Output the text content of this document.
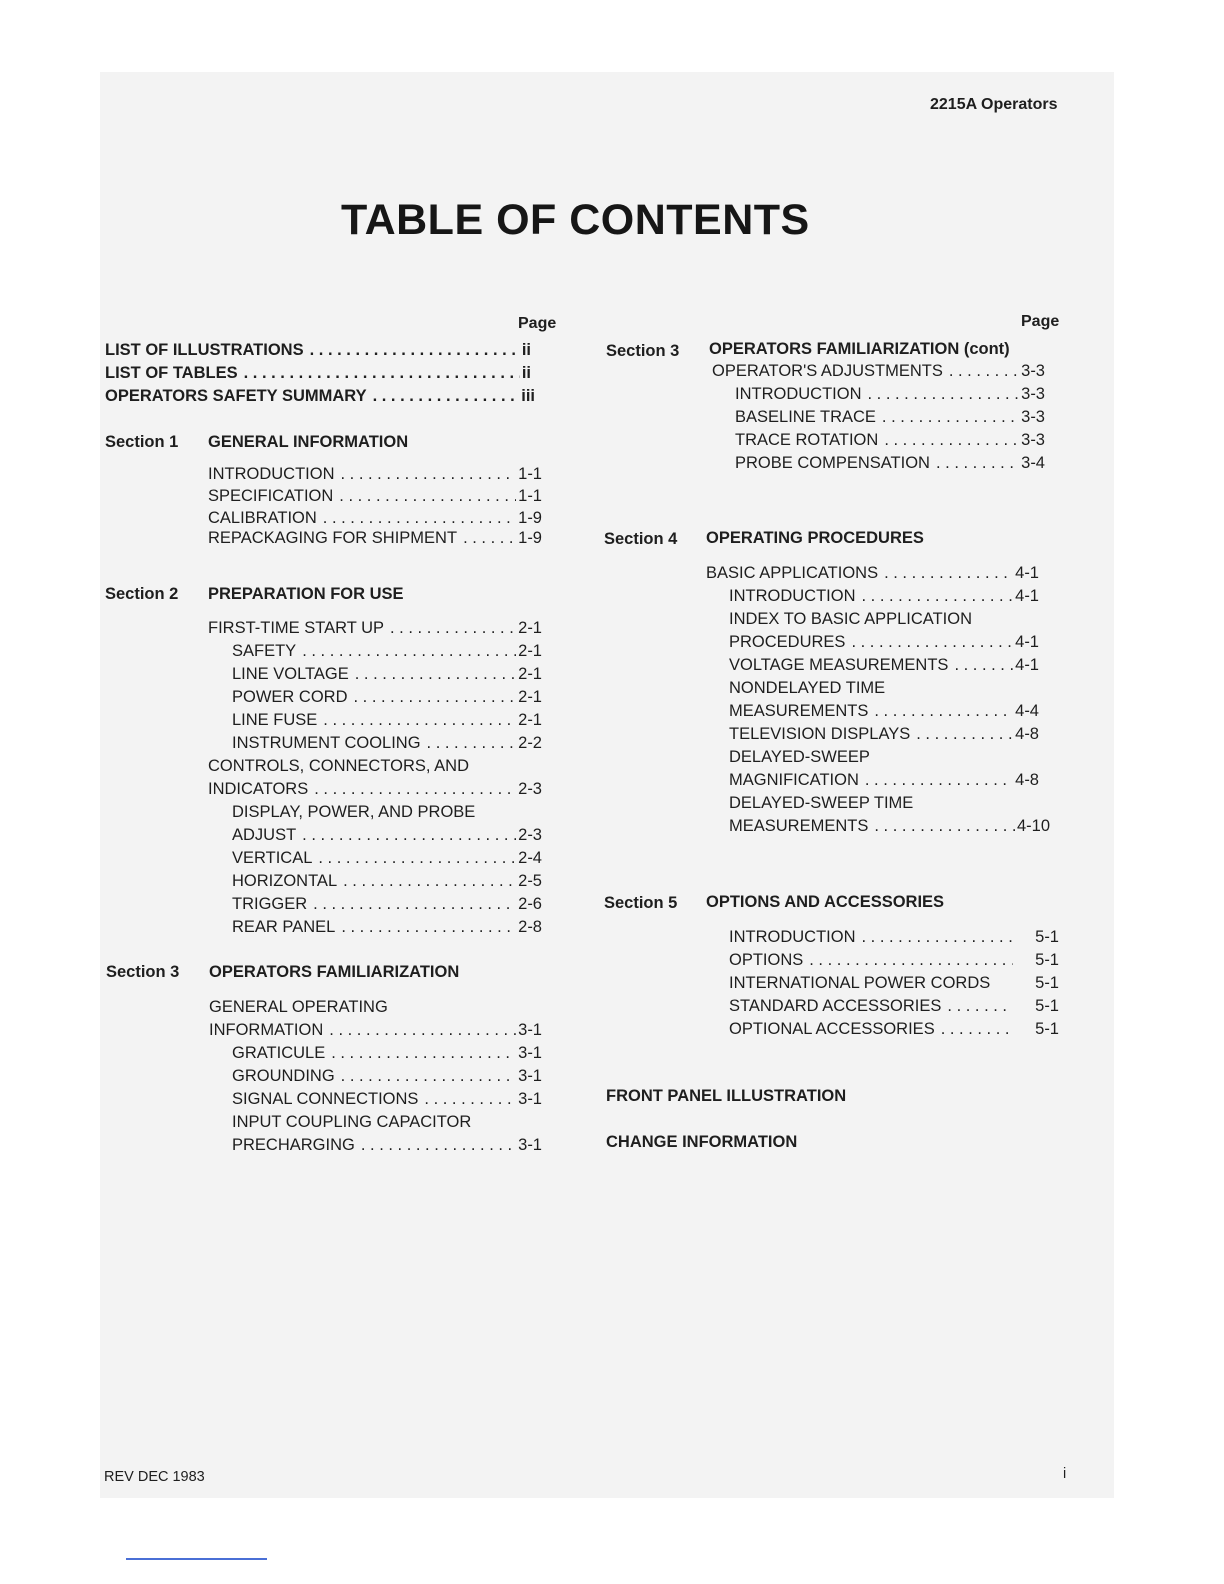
2215A Operators
TABLE OF CONTENTS
Page
LIST OF ILLUSTRATIONS . . .	ii
LIST OF TABLES . . .	ii
OPERATORS SAFETY SUMMARY . . .	iii
Section 1 GENERAL INFORMATION
INTRODUCTION . . .	1-1
SPECIFICATION . . .	1-1
CALIBRATION . . .	1-9
REPACKAGING FOR SHIPMENT . . .	1-9
Section 2 PREPARATION FOR USE
FIRST-TIME START UP . . .	2-1
SAFETY . . .	2-1
LINE VOLTAGE . . .	2-1
POWER CORD . . .	2-1
LINE FUSE . . .	2-1
INSTRUMENT COOLING . . .	2-2
CONTROLS, CONNECTORS, AND
INDICATORS . . .	2-3
DISPLAY, POWER, AND PROBE
ADJUST . . .	2-3
VERTICAL . . .	2-4
HORIZONTAL . . .	2-5
TRIGGER . . .	2-6
REAR PANEL . . .	2-8
Section 3 OPERATORS FAMILIARIZATION
GENERAL OPERATING
INFORMATION . . .	3-1
GRATICULE . . .	3-1
GROUNDING . . .	3-1
SIGNAL CONNECTIONS . . .	3-1
INPUT COUPLING CAPACITOR
PRECHARGING . . .	3-1
Page
Section 3 OPERATORS FAMILIARIZATION (cont)
OPERATOR'S ADJUSTMENTS . . .	3-3
INTRODUCTION . . .	3-3
BASELINE TRACE . . .	3-3
TRACE ROTATION . . .	3-3
PROBE COMPENSATION . . .	3-4
Section 4 OPERATING PROCEDURES
BASIC APPLICATIONS . . .	4-1
INTRODUCTION . . .	4-1
INDEX TO BASIC APPLICATION
PROCEDURES . . .	4-1
VOLTAGE MEASUREMENTS . . .	4-1
NONDELAYED TIME
MEASUREMENTS . . .	4-4
TELEVISION DISPLAYS . . .	4-8
DELAYED-SWEEP
MAGNIFICATION . . .	4-8
DELAYED-SWEEP TIME
MEASUREMENTS . . .	4-10
Section 5 OPTIONS AND ACCESSORIES
INTRODUCTION . . .	5-1
OPTIONS . . .	5-1
INTERNATIONAL POWER CORDS	5-1
STANDARD ACCESSORIES . . .	5-1
OPTIONAL ACCESSORIES . . .	5-1
FRONT PANEL ILLUSTRATION
CHANGE INFORMATION
REV DEC 1983	i
